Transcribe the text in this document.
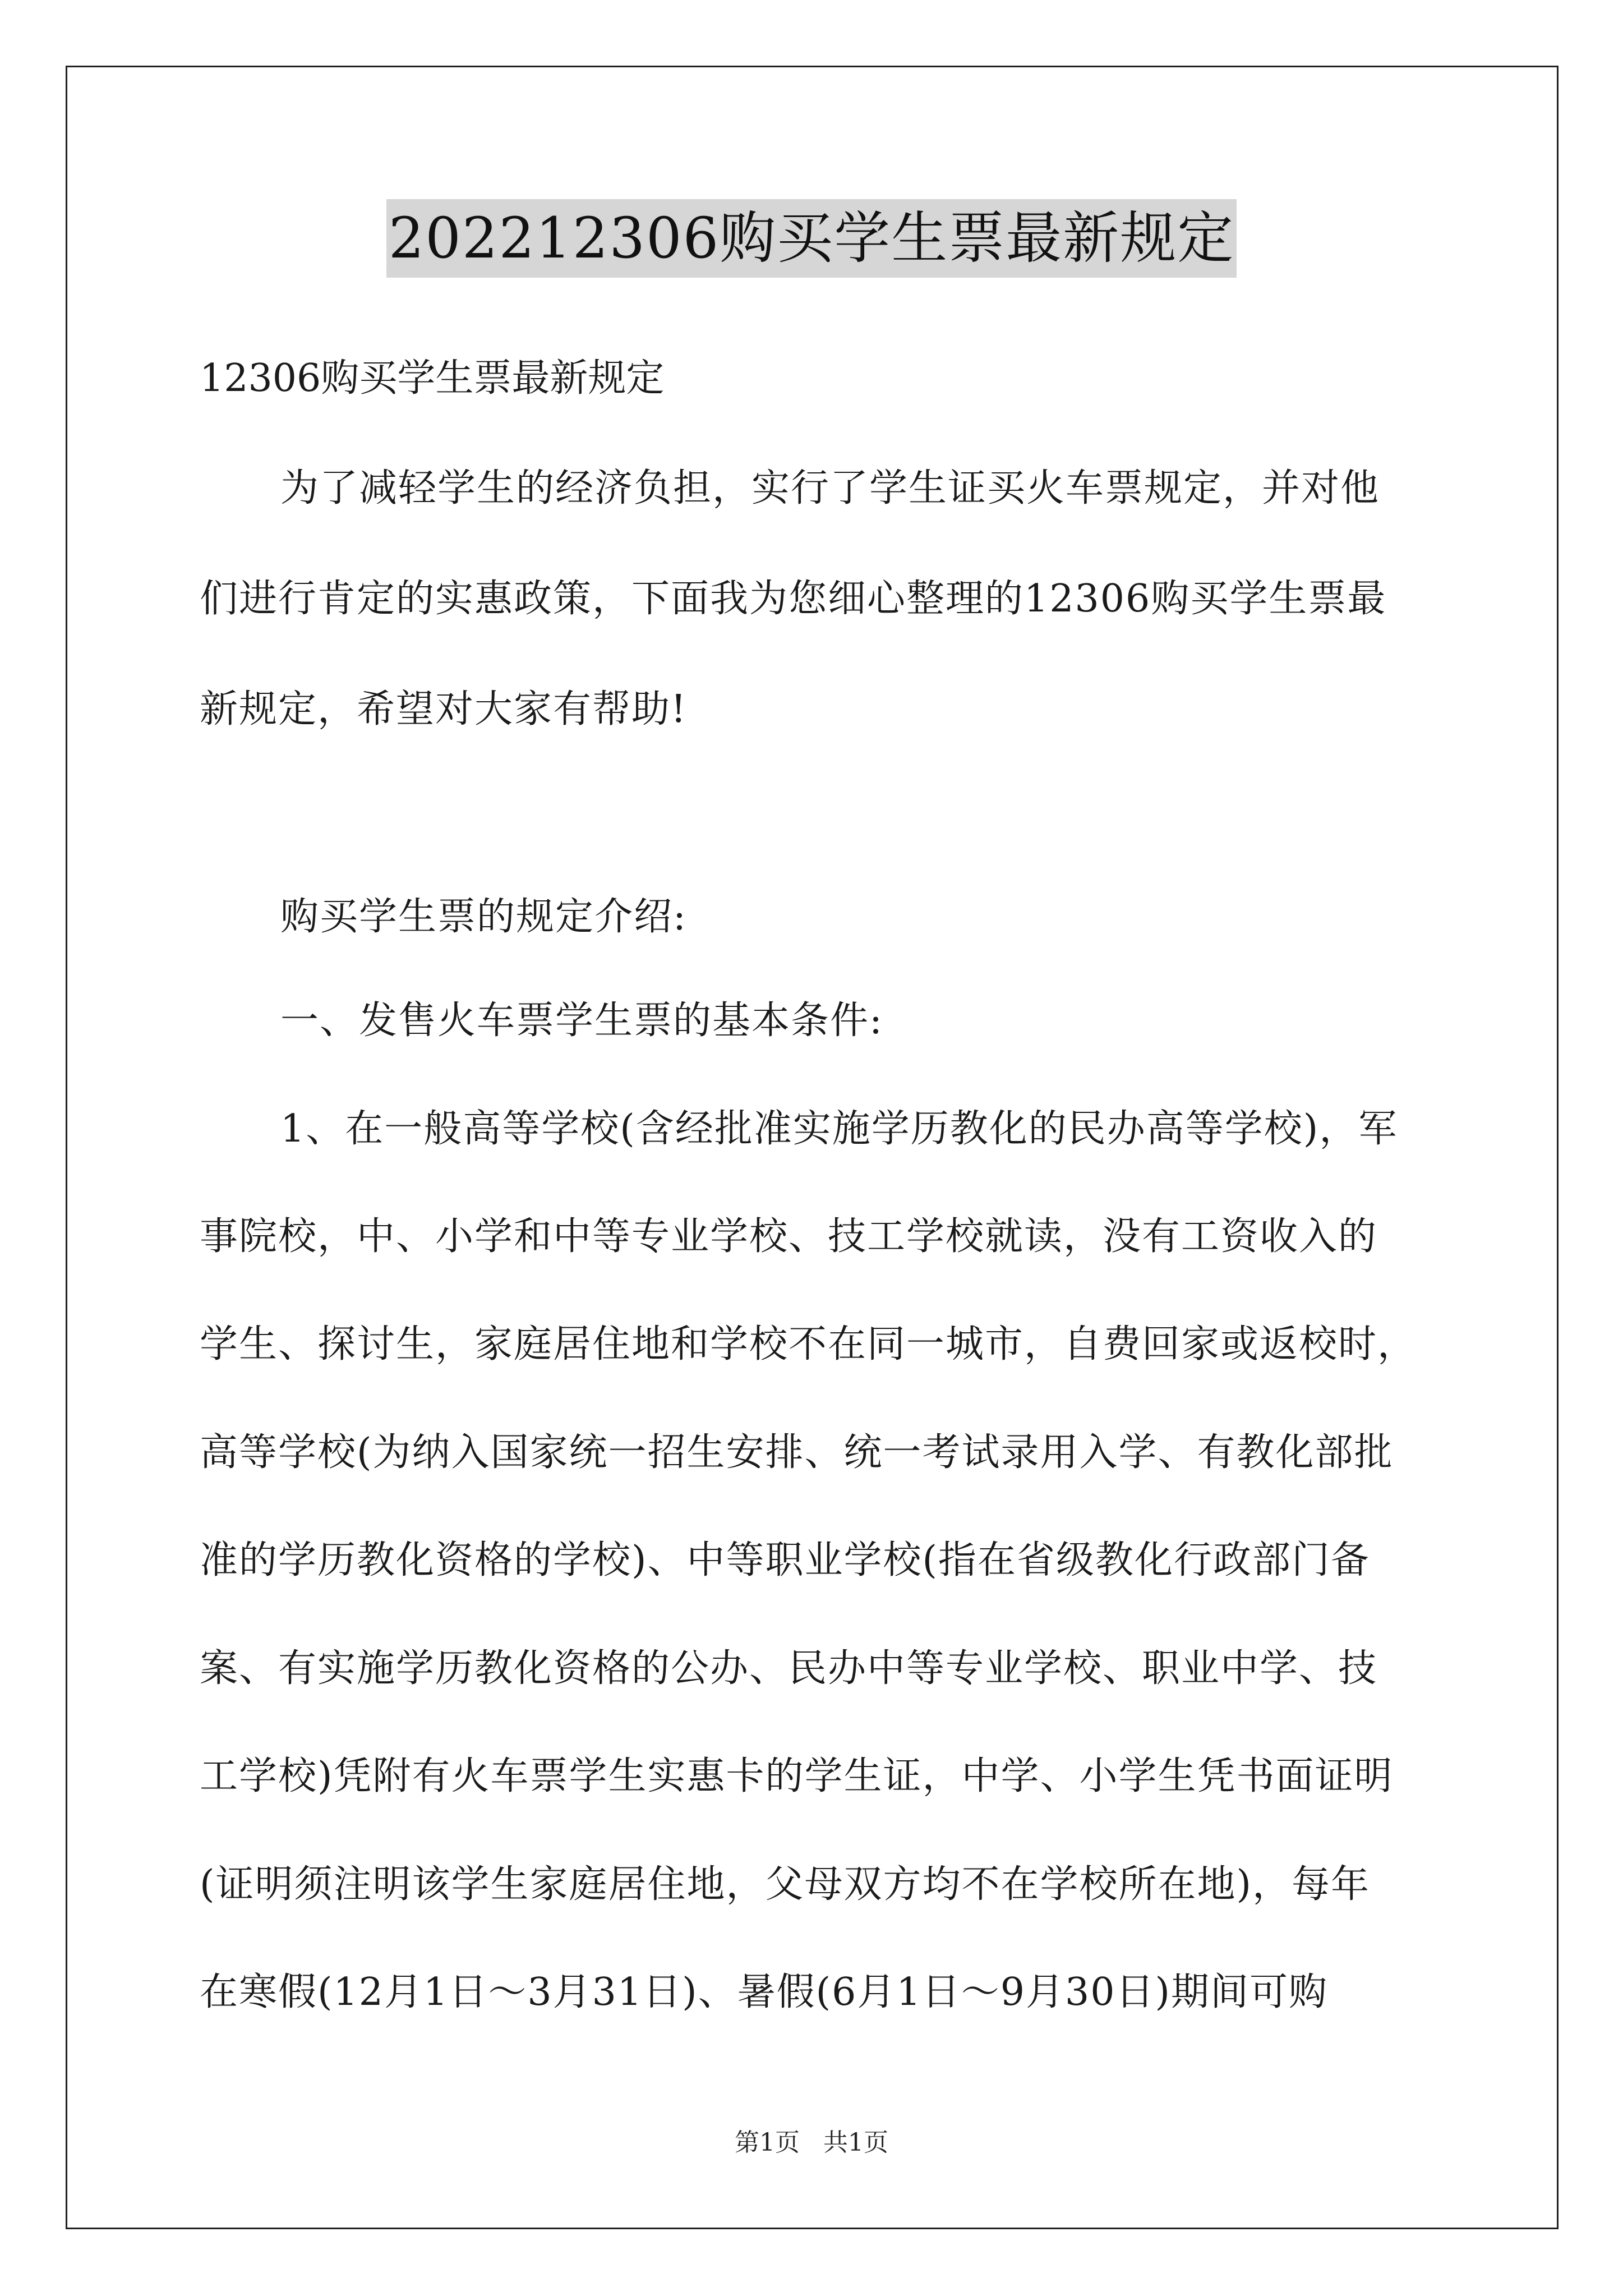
202212306购买学生票最新规定
12306购买学生票最新规定
为了减轻学生的经济负担，实行了学生证买火车票规定，并对他
们进行肯定的实惠政策，下面我为您细心整理的12306购买学生票最
新规定，希望对大家有帮助!
购买学生票的规定介绍:
一、发售火车票学生票的基本条件:
1、在一般高等学校(含经批准实施学历教化的民办高等学校)，军
事院校，中、小学和中等专业学校、技工学校就读，没有工资收入的
学生、探讨生，家庭居住地和学校不在同一城市，自费回家或返校时，
高等学校(为纳入国家统一招生安排、统一考试录用入学、有教化部批
准的学历教化资格的学校)、中等职业学校(指在省级教化行政部门备
案、有实施学历教化资格的公办、民办中等专业学校、职业中学、技
工学校)凭附有火车票学生实惠卡的学生证，中学、小学生凭书面证明
(证明须注明该学生家庭居住地，父母双方均不在学校所在地)，每年
在寒假(12月1日～3月31日)、暑假(6月1日～9月30日)期间可购
第1页 共1页
